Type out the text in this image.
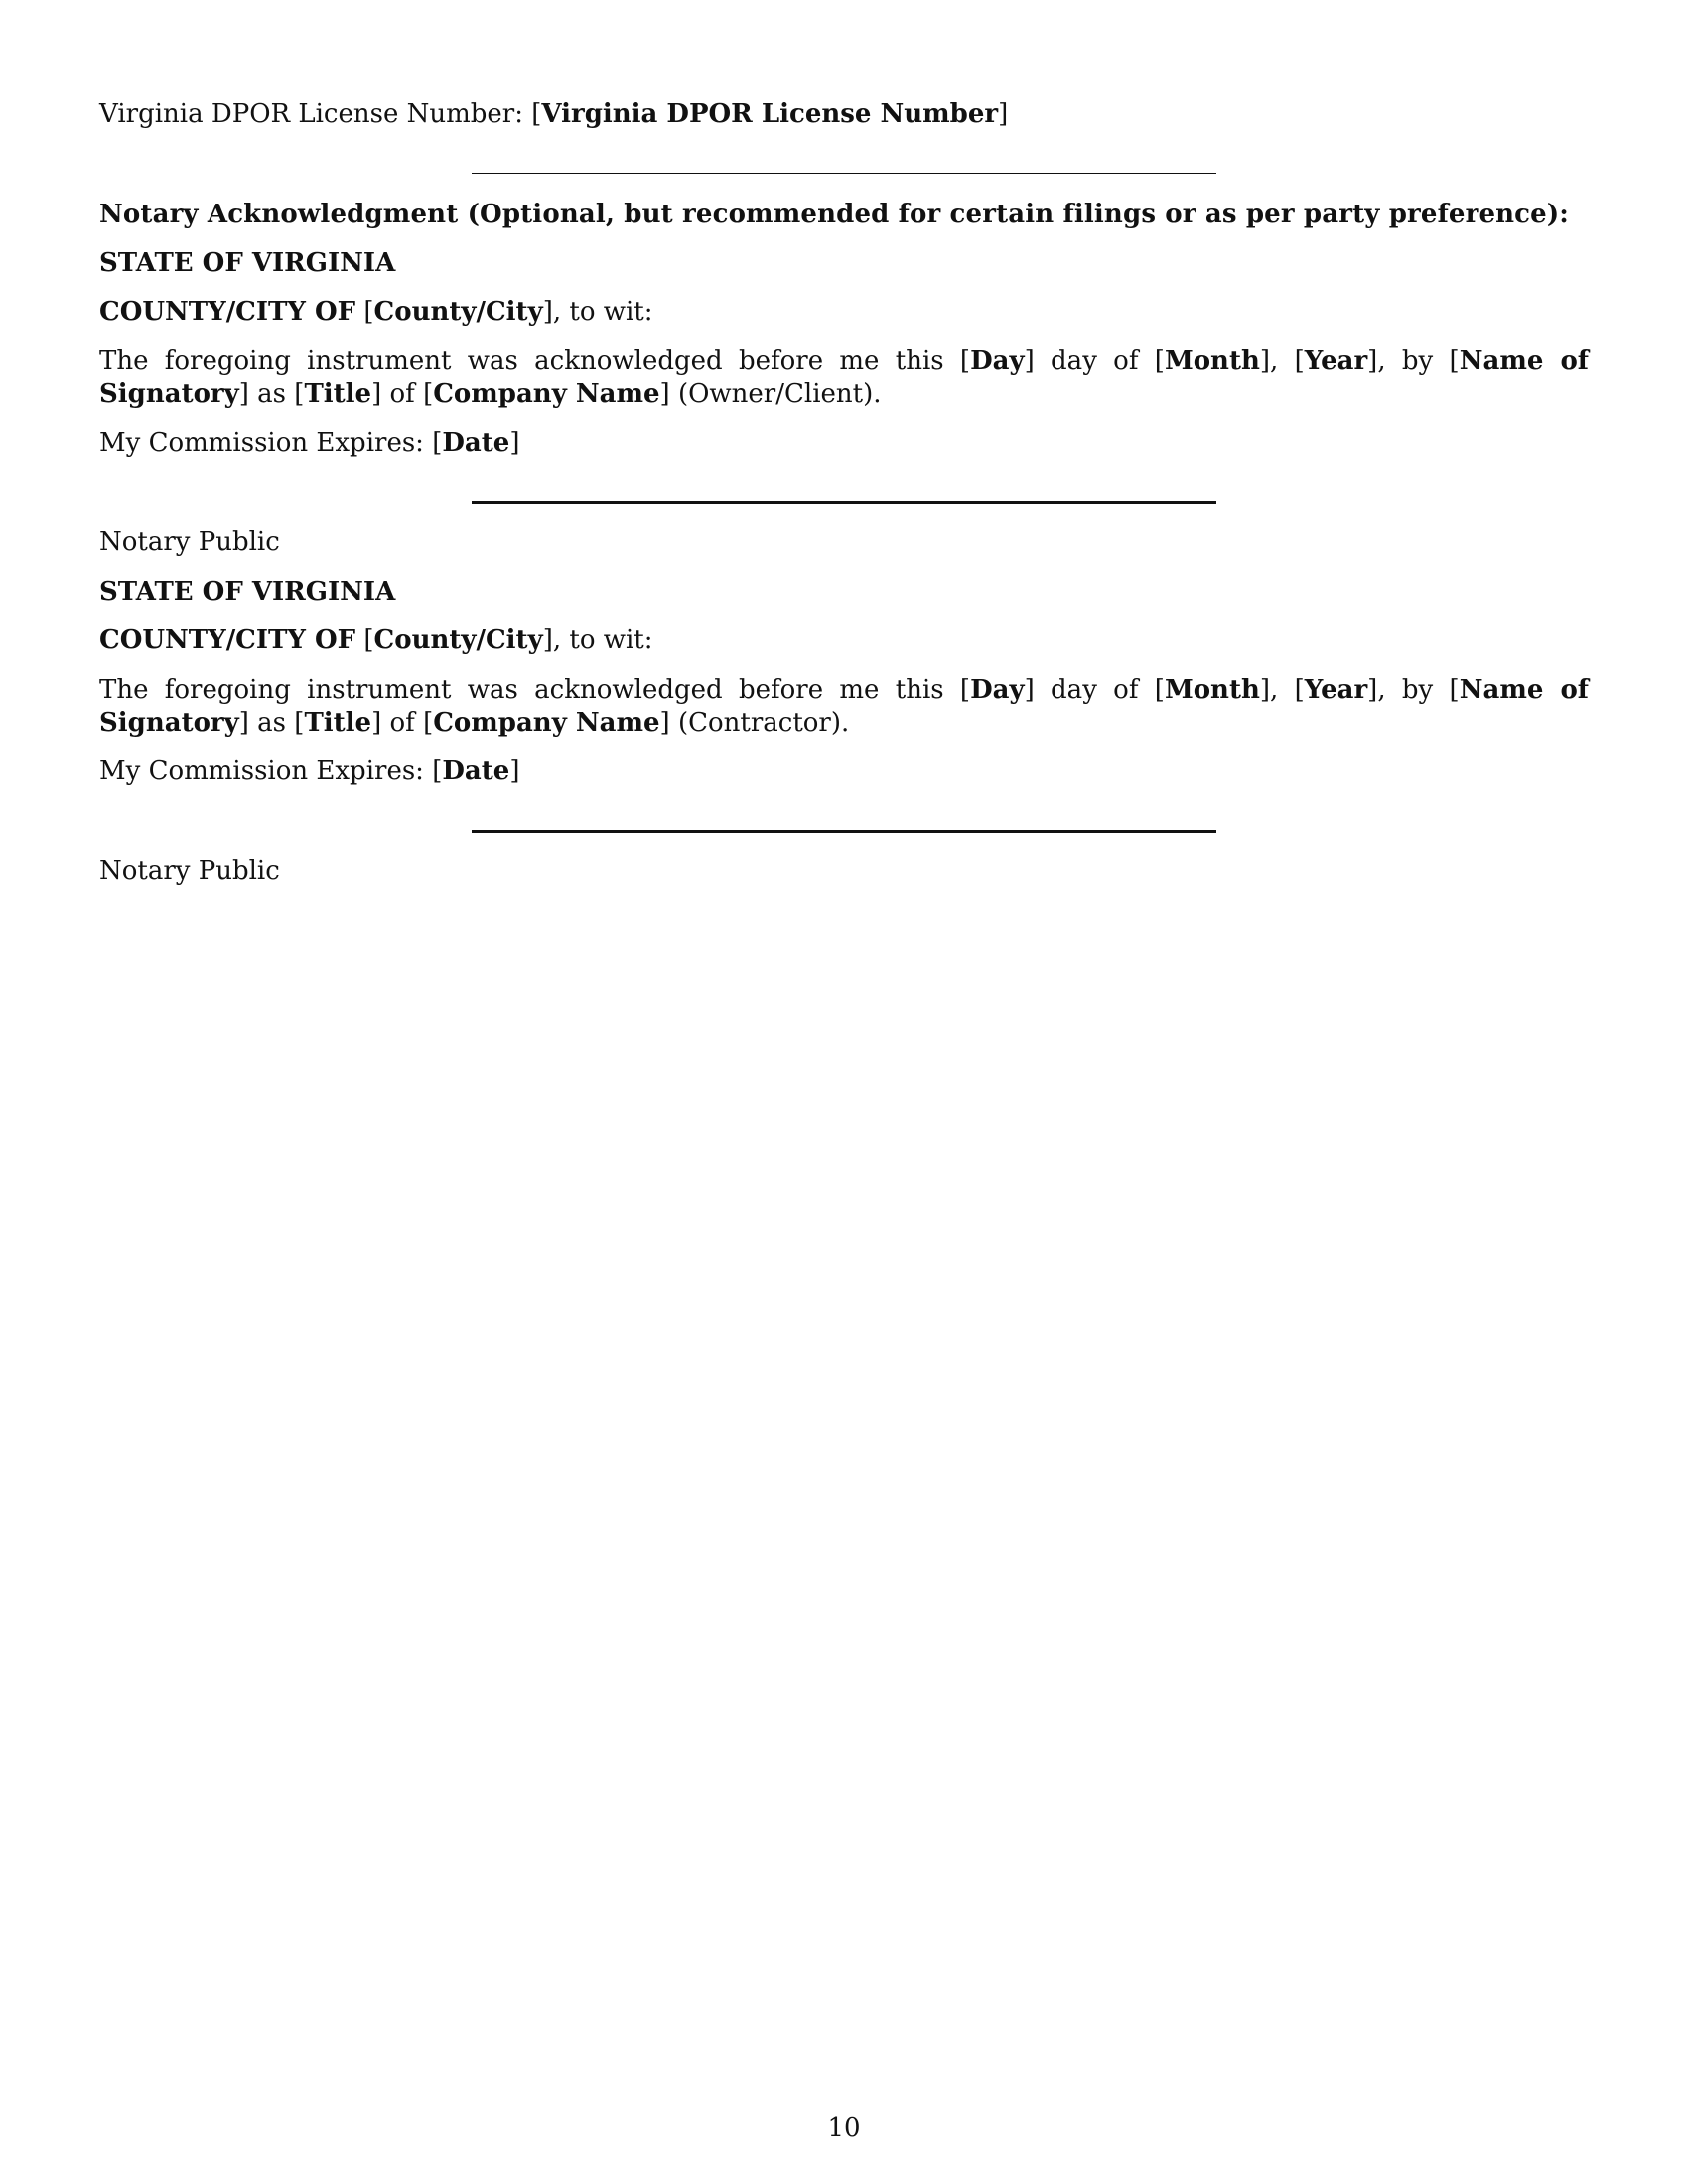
Virginia DPOR License Number: [Virginia DPOR License Number]

Notary Acknowledgment (Optional, but recommended for certain filings or as per party preference):

STATE OF VIRGINIA

COUNTY/CITY OF [County/City], to wit:

The foregoing instrument was acknowledged before me this [Day] day of [Month], [Year], by [Name of Signatory] as [Title] of [Company Name] (Owner/Client).

My Commission Expires: [Date]

Notary Public

STATE OF VIRGINIA

COUNTY/CITY OF [County/City], to wit:

The foregoing instrument was acknowledged before me this [Day] day of [Month], [Year], by [Name of Signatory] as [Title] of [Company Name] (Contractor).

My Commission Expires: [Date]

Notary Public

10
